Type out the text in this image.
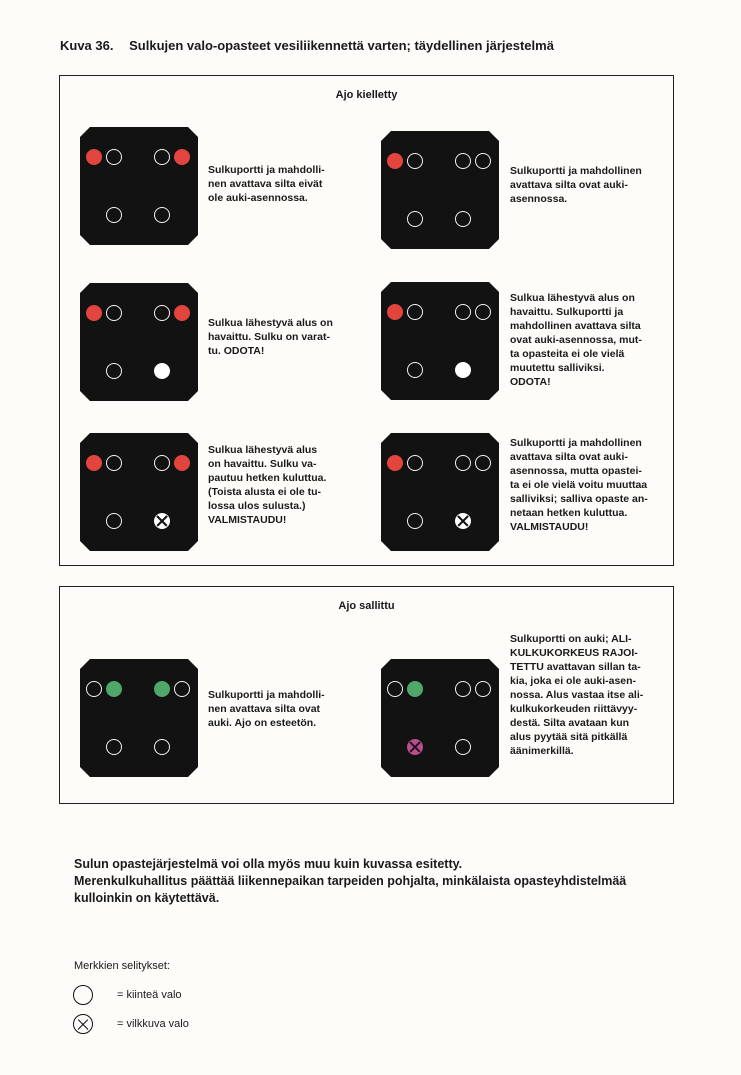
Kuva 36. Sulkujen valo-opasteet vesiliikennettä varten; täydellinen järjestelmä
Ajo kielletty
Sulkuportti ja mahdolli-
nen avattava silta eivät
ole auki-asennossa.
Sulkuportti ja mahdollinen
avattava silta ovat auki-
asennossa.
Sulkua lähestyvä alus on
havaittu. Sulku on varat-
tu. ODOTA!
Sulkua lähestyvä alus on
havaittu. Sulkuportti ja
mahdollinen avattava silta
ovat auki-asennossa, mut-
ta opasteita ei ole vielä
muutettu salliviksi.
ODOTA!
Sulkua lähestyvä alus
on havaittu. Sulku va-
pautuu hetken kuluttua.
(Toista alusta ei ole tu-
lossa ulos sulusta.)
VALMISTAUDU!
Sulkuportti ja mahdollinen
avattava silta ovat auki-
asennossa, mutta opastei-
ta ei ole vielä voitu muuttaa
salliviksi; salliva opaste an-
netaan hetken kuluttua.
VALMISTAUDU!
Ajo sallittu
Sulkuportti ja mahdolli-
nen avattava silta ovat
auki. Ajo on esteetön.
Sulkuportti on auki; ALI-
KULKUKORKEUS RAJOI-
TETTU avattavan sillan ta-
kia, joka ei ole auki-asen-
nossa. Alus vastaa itse ali-
kulkukorkeuden riittävyy-
destä. Silta avataan kun
alus pyytää sitä pitkällä
äänimerkillä.
Sulun opastejärjestelmä voi olla myös muu kuin kuvassa esitetty.
Merenkulkuhallitus päättää liikennepaikan tarpeiden pohjalta, minkälaista opasteyhdistelmää
kulloinkin on käytettävä.
Merkkien selitykset:
= kiinteä valo
= vilkkuva valo
